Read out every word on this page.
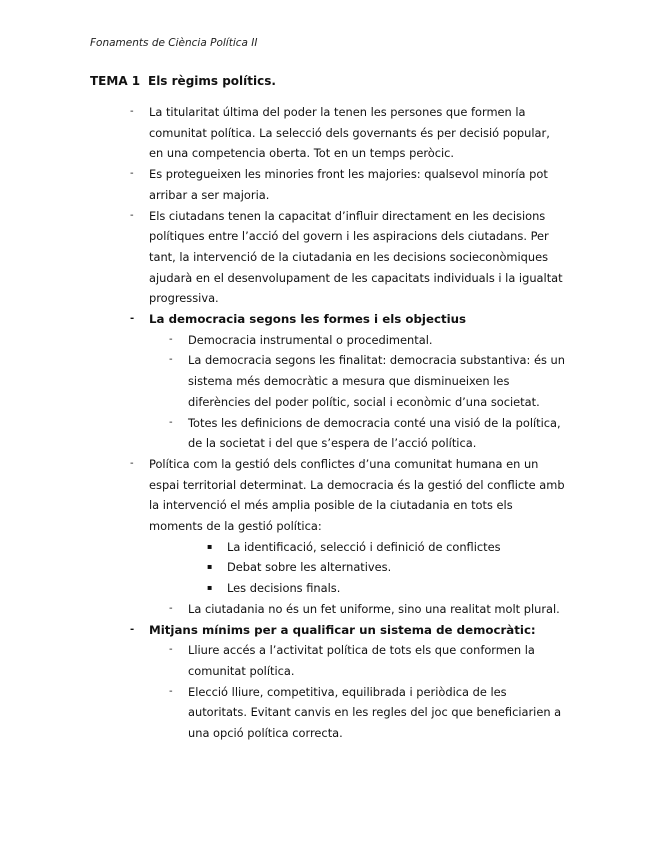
Fonaments de Ciència Política II
TEMA 1 Els règims polítics.
- La titularitat última del poder la tenen les persones que formen la comunitat política. La selecció dels governants és per decisió popular, en una competencia oberta. Tot en un temps peròcic.
- Es protegueixen les minories front les majories: qualsevol minoría pot arribar a ser majoria.
- Els ciutadans tenen la capacitat d’influir directament en les decisions polítiques entre l’acció del govern i les aspiracions dels ciutadans. Per tant, la intervenció de la ciutadania en les decisions socieconòmiques ajudarà en el desenvolupament de les capacitats individuals i la igualtat progressiva.
- La democracia segons les formes i els objectius
- Democracia instrumental o procedimental.
- La democracia segons les finalitat: democracia substantiva: és un sistema més democràtic a mesura que disminueixen les diferències del poder polític, social i econòmic d’una societat.
- Totes les definicions de democracia conté una visió de la política, de la societat i del que s’espera de l’acció política.
- Política com la gestió dels conflictes d’una comunitat humana en un espai territorial determinat. La democracia és la gestió del conflicte amb la intervenció el més amplia posible de la ciutadania en tots els moments de la gestió política:
▪ La identificació, selecció i definició de conflictes
▪ Debat sobre les alternatives.
▪ Les decisions finals.
- La ciutadania no és un fet uniforme, sino una realitat molt plural.
- Mitjans mínims per a qualificar un sistema de democràtic:
- Lliure accés a l’activitat política de tots els que conformen la comunitat política.
- Elecció lliure, competitiva, equilibrada i periòdica de les autoritats. Evitant canvis en les regles del joc que beneficiarien a una opció política correcta.
